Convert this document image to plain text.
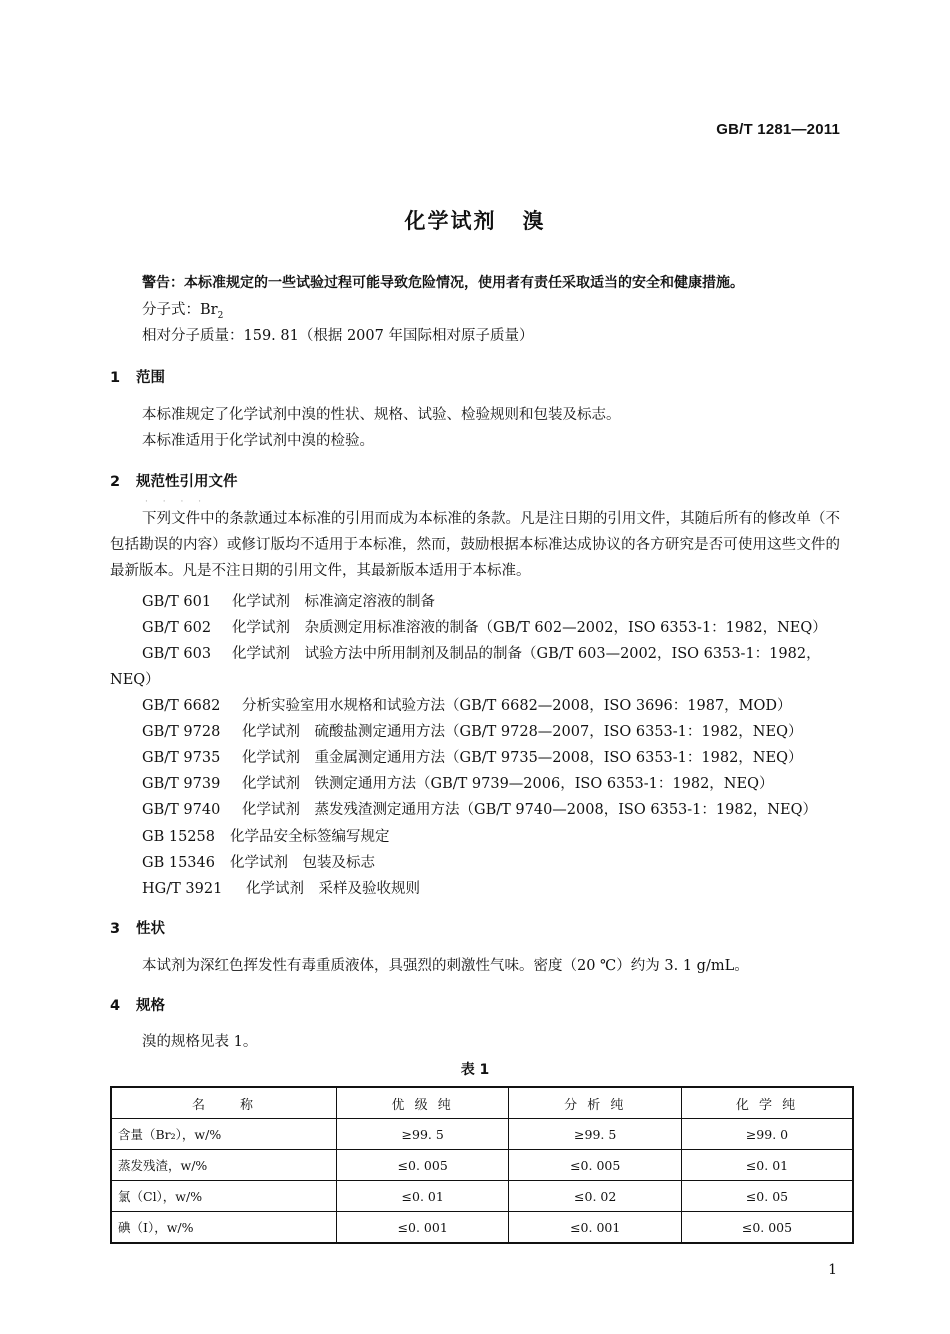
GB/T 1281—2011
化学试剂 溴
警告：本标准规定的一些试验过程可能导致危险情况，使用者有责任采取适当的安全和健康措施。
分子式：$Br_2$
相对分子质量：159. 81（根据 2007 年国际相对原子质量）
1 范围
本标准规定了化学试剂中溴的性状、规格、试验、检验规则和包装及标志。
本标准适用于化学试剂中溴的检验。
2 规范性引用文件
· · · ·
下列文件中的条款通过本标准的引用而成为本标准的条款。凡是注日期的引用文件，其随后所有的修改单（不包括勘误的内容）或修订版均不适用于本标准，然而，鼓励根据本标准达成协议的各方研究是否可使用这些文件的最新版本。凡是不注日期的引用文件，其最新版本适用于本标准。
GB/T 601 化学试剂　标准滴定溶液的制备
GB/T 602 化学试剂　杂质测定用标准溶液的制备（GB/T 602—2002，ISO 6353-1：1982，NEQ）
GB/T 603 化学试剂　试验方法中所用制剂及制品的制备（GB/T 603—2002，ISO 6353-1：1982，
NEQ）
GB/T 6682 分析实验室用水规格和试验方法（GB/T 6682—2008，ISO 3696：1987，MOD）
GB/T 9728 化学试剂　硫酸盐测定通用方法（GB/T 9728—2007，ISO 6353-1：1982，NEQ）
GB/T 9735 化学试剂　重金属测定通用方法（GB/T 9735—2008，ISO 6353-1：1982，NEQ）
GB/T 9739 化学试剂　铁测定通用方法（GB/T 9739—2006，ISO 6353-1：1982，NEQ）
GB/T 9740 化学试剂　蒸发残渣测定通用方法（GB/T 9740—2008，ISO 6353-1：1982，NEQ）
GB 15258 化学品安全标签编写规定
GB 15346 化学试剂　包装及标志
HG/T 3921 化学试剂　采样及验收规则
3 性状
本试剂为深红色挥发性有毒重质液体，具强烈的刺激性气味。密度（20 ℃）约为 3. 1 g/mL。
4 规格
溴的规格见表 1。
表 1
名　　称	优 级 纯	分 析 纯	化 学 纯
含量（Br₂），w/%	≥99. 5	≥99. 5	≥99. 0
蒸发残渣，w/%	≤0. 005	≤0. 005	≤0. 01
氯（Cl），w/%	≤0. 01	≤0. 02	≤0. 05
碘（I），w/%	≤0. 001	≤0. 001	≤0. 005
1
